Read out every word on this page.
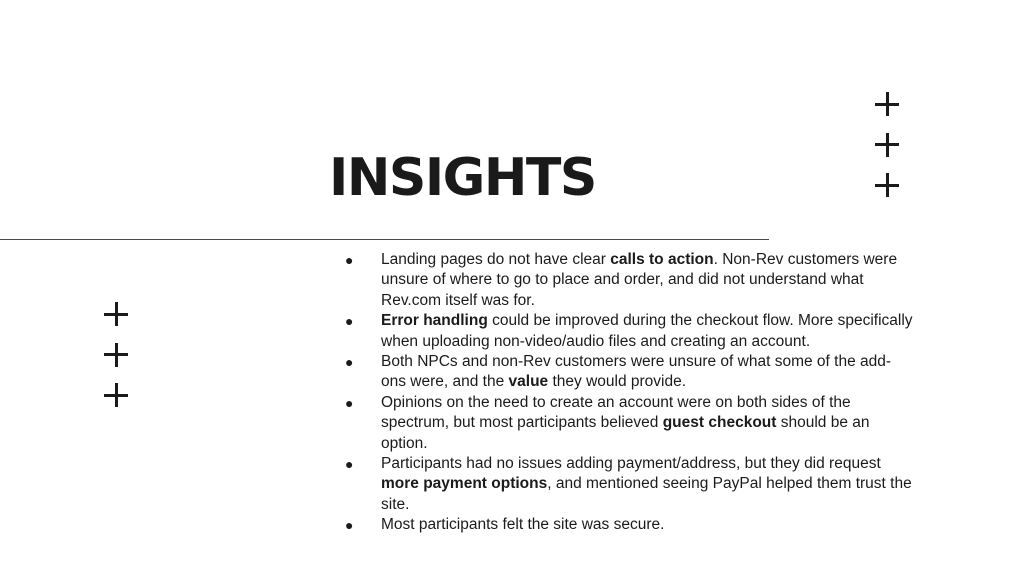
INSIGHTS
● Landing pages do not have clear calls to action. Non-Rev customers were unsure of where to go to place and order, and did not understand what Rev.com itself was for.
● Error handling could be improved during the checkout flow. More specifically when uploading non-video/audio files and creating an account.
● Both NPCs and non-Rev customers were unsure of what some of the add-ons were, and the value they would provide.
● Opinions on the need to create an account were on both sides of the spectrum, but most participants believed guest checkout should be an option.
● Participants had no issues adding payment/address, but they did request more payment options, and mentioned seeing PayPal helped them trust the site.
● Most participants felt the site was secure.
